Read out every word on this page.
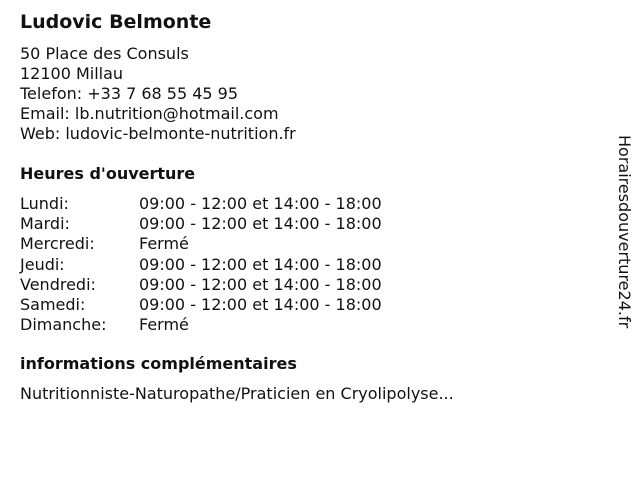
Ludovic Belmonte
50 Place des Consuls
12100 Millau
Telefon: +33 7 68 55 45 95
Email: lb.nutrition@hotmail.com
Web: ludovic-belmonte-nutrition.fr
Heures d'ouverture
Lundi:	09:00 - 12:00 et 14:00 - 18:00
Mardi:	09:00 - 12:00 et 14:00 - 18:00
Mercredi:	Fermé
Jeudi:	09:00 - 12:00 et 14:00 - 18:00
Vendredi:	09:00 - 12:00 et 14:00 - 18:00
Samedi:	09:00 - 12:00 et 14:00 - 18:00
Dimanche:	Fermé
informations complémentaires
Nutritionniste-Naturopathe/Praticien en Cryolipolyse...
Horairesdouverture24.fr
